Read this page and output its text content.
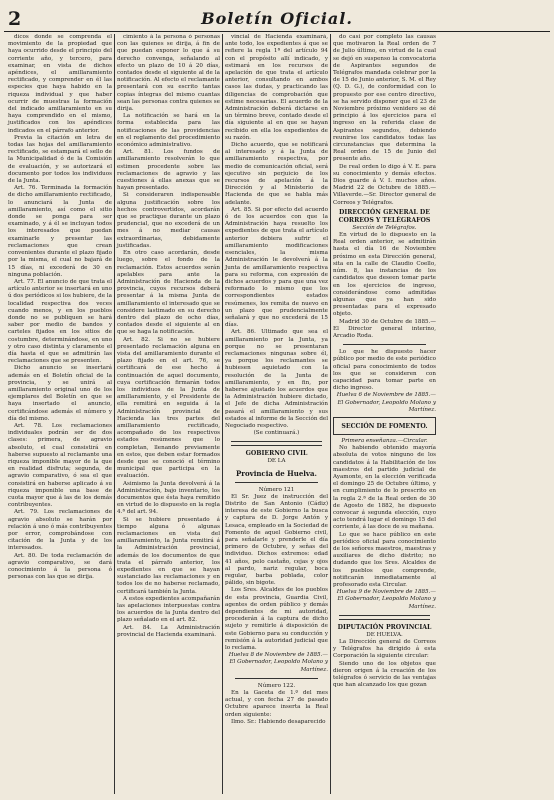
2	Boletín Oficial.

dicos donde se comprenda el movimiento de la propiedad que haya ocurrido desde el principio del corriente año, y tercero, para examinar, en vista de dichos apéndices, el amillaramiento rectificado, y comprender en él las especies que haya habido en la riqueza individual y que haber ocurrir de muestras la formación del indicado amillaramiento en su haya comprendido en el mismo, justificados con los apéndices indicados en el párrafo anterior.

Previa la citación en letra de todas las hojas del amillaramiento rectificado, se estampará el sello de la Municipalidad ó de la Comisión de evaluación, y se autorizará el documento por todos los individuos de la Junta.

Art. 76. Terminada la formación de dicho amillaramiento rectificado, lo anunciará la Junta de amillaramiento, así como el sitio donde se ponga para ser examinado, y á él se incluyan todos los interesados que puedan examinarle y presentar las reclamaciones que crean convenientes durante el plazo fijado por la misma, el cual no bajará de 15 días, ni excederá de 30 en ninguna población.

Art. 77. El anuncio de que trata el artículo anterior se insertará en uno ú dos periódicos si los hubiere, de la localidad respectiva dos veces cuando menos, y en los pueblos donde no se publiquen se hará saber por medio de bandos y carteles fijados en los sitios de costumbre, determinándose, en uno y otro caso distinta y claramente el día hasta el que se admitirán las reclamaciones que se presenten.

Dicho anuncio se insertará además en el Boletín oficial de la provincia, y se unirá al amillaramiento original uno de los ejemplares del Boletín en que se haya insertado el anuncio, certificándose además el número y día del mismo.

Art. 78. Los reclamaciones individuales podrán ser de dos clases: primera, de agravio absoluto, el cual consistirá en haberse supuesto al reclamante una riqueza imponible mayor de la que en realidad disfruta; segunda, de agravio comparativo, ó sea el que consistirá en haberse aplicado á su riqueza imponible una base de cuota mayor que á las de los demás contribuyentes.

Art. 79. Los reclamaciones de agravio absoluto se harán por relación á uno ó más contribuyentes por error, comprobándose con citación de la Junta y de los interesados.

Art. 80. De toda reclamación de agravio comparativo, se dará conocimiento á la persona ó personas con las que se dirija.

cimiento á la persona ó personas con las quienes se dirija, á fin de que puedan exponer lo que á su derecho convenga, señalando al efecto un plazo de 10 á 20 días, contados desde el siguiente al de la notificación. Al efecto el reclamante presentará con su escrito tantas copias íntegras del mismo cuantas sean las personas contra quienes se dirija.

La notificación se hará en la forma establecida para las notificaciones de las providencias en el reglamento del procedimiento económico administrativo.

Art. 81. Los fundos de amillaramiento resolverán lo que estimen procedente sobre las reclamaciones de agravio y las cuestiones á ellas anexas que se hayan presentado.

Si consideraren indispensable alguna justificación sobre los hechos controvertidos, acordarán que se practique durante un plazo prudencial, que no excederá de un mes á no mediar causas extraordinarias, debidamente justificadas.

En otro caso acordarán, desde luego, sobre el fondo de la reclamación. Estos acuerdos serán apelables para ante la Administración de Hacienda de la provincia, cuyos recursos deberá presentar á la misma Junta de amillaramiento el interesado que se considere lastimado en su derecho dentro del plazo de ocho días, contados desde el siguiente al en que se haga la notificación.

Art. 82. Si no se hubiere presentado reclamación alguna en vista del amillaramiento durante el plazo fijado en el art. 76, se certificará de ese hecho á continuación de aquel documento, cuya certificación firmarán todos los individuos de la Junta de amillaramiento, y el Presidente de ella remitirá en seguida á la Administración provincial de Hacienda las tres partes del amillaramiento rectificado, acompañado de los respectivos estados resúmenes que lo completan, llenando previamente en estos, que deben estar formados desde que se conoció el término municipal que participa en la evaluación.

Asimismo la Junta devolverá á la Administración, bajo inventario, los documentos que ésta haya remitido en virtud de lo dispuesto en la regla 4.ª del art. 94.

Si se hubiere presentado á tiempo alguna ó algunas reclamaciones en vista del amillaramiento, la Junta remitirá á la Administración provincial, además de los documentos de que trata el párrafo anterior, los expedientes en que se hayan sustanciado las reclamaciones y en todos los de no haberse reclamado, certificará también la Junta.

A estos expedientes acompañarán las apelaciones interpuestas contra los acuerdos de la Junta dentro del plazo señalado en el art. 82.

Art. 84. La Administración provincial de Hacienda examinará.

vincial de Hacienda examinará, ante todo, los expedientes á que se refiere la regla 1ª del artículo 94 con el propósito allí indicado, y estimará en los recursos de apelación de que trata el artículo anterior, consultando en ambos casos las dudas, y practicando las diligencias de comprobación que estime necesarias. El acuerdo de la Administración deberá dictarse en un término breve, contado desde el día siguiente al en que se hayan recibido en ella los expedientes de su razón.

Dicho acuerdo, que se notificará al interesado y á la Junta de amillaramiento respectiva, por medio de comunicación oficial, será ejecutivo sin perjuicio de los recursos de apelación á la Dirección y al Ministerio de Hacienda de que se habla más adelante.

Art. 85. Si por efecto del acuerdo ó de los acuerdos con que la Administración haya resuelto los expedientes de que trata el artículo anterior debiera sufrir el amillaramiento modificaciones esenciales, la misma Administración le devolverá á la Junta de amillaramiento respectiva para su reforma, con expresión de dichos acuerdos y para que una vez reformado lo mismo que los correspondientes estados resúmenes, los remita de nuevo en un plazo que prudencialmente señalará y que no excederá de 15 días.

Art. 86. Ultimado que sea el amillaramiento por la Junta, ya porque no se presentaran reclamaciones ningunas sobre él, ya porque los reclamantes se hubiesen aquietado con la resolución de la Junta de amillaramiento, y en fin, por haberse ajustado los acuerdos que la Administración hubiere dictado, el Jefe de dicha Administración pasará el amillaramiento y sus estados al informe de la Sección del Negociado respectivo.

(Se continuará.)

GOBIERNO CIVIL

DE LA

Provincia de Huelva.

Número 121

El Sr. Juez de instrucción del Distrito de San Antonio (Cádiz) interesa de este Gobierno la busca y captura de D. Jorge Antón y Lesaca, empleado en la Sociedad de Fomento de aquel Gobierno civil, para señalarle y prenderle el día primero de Octubre, y señas del individuo. Dichos extremos: edad 41 años, pelo castaño, cejas y ojos al pardo, nariz regular, boca regular, barba poblada, color pálido, sin bigote.

Los Sres. Alcaldes de los pueblos de esta provincia, Guardia Civil, agentes de orden público y demás dependientes de mi autoridad, procederán á la captura de dicho sujeto y remitirle á disposición de este Gobierno para su conducción y remisión á la autoridad judicial que lo reclama.

Huelva 8 de Noviembre de 1885.—El Gobernador, Leopoldo Molano y Martínez.

Número 122.

En la Gaceta de 1.º del mes actual, y con fecha 27 de pasado Octubre aparece inserta la Real orden siguiente:

Ilmo. Sr.: Habiendo desaparecido

do casi por completo las causas que motivaron la Real orden de 7 de Julio último, en virtud de la cual se dejó en suspenso la convocatoria de Aspirantes segundos de Telégrafos mandada celebrar por la de 15 de Junio anterior, S. M. el Rey (Q. D. G.), de conformidad con lo propuesto por ese centro directivo, se ha servido disponer que el 23 de Noviembre próximo venidero se dé principio á los ejercicios para el ingreso en la referida clase de Aspirantes segundos, debiendo reunirse los candidatos todas las circunstancias que determina la Real orden de 15 de Junio del presente año.

De real orden lo digo á V. E. para su conocimiento y demás efectos. Dios guarde á V. I. muchos años. Madrid 22 de Octubre de 1885.—Villaverde.—Sr. Director general de Correos y Telégrafos.

DIRECCIÓN GENERAL DE CORREOS Y TELÉGRAFOS

Sección de Telégrafos.

En virtud de lo dispuesto en la Real orden anterior, se admitirán hasta el día 16 de Noviembre próximo en esta Dirección general, sita en la calle de Claudio Coello, núm. 8, las instancias de los candidatos que deseen tomar parte en los ejercicios de ingreso, considerándose como admitidas algunas que ya han sido presentadas para el expresado objeto.

Madrid 30 de Octubre de 1885.—El Director general interino, Arcadio Roda.

Lo que he dispuesto hacer público por medio de este periódico oficial para conocimiento de todos los que se consideren con capacidad para tomar parte en dicho ingreso.

Huelva 6 de Noviembre de 1885.—El Gobernador, Leopoldo Molano y Martínez.

SECCIÓN DE FOMENTO.

Primera enseñanza.—Circular.

No habiendo obtenido mayoría absoluta de votos ninguno de los candidatos á la Habilitación de los maestros del partido judicial de Ayamonte, en la elección verificada el domingo 25 de Octubre último, y en cumplimiento de lo prescrito en la regla 2.ª de la Real orden de 30 de Agosto de 1882, he dispuesto convocar á segunda elección, cuyo acto tendrá lugar el domingo 15 del corriente, á las doce de su mañana.

Lo que se hace público en este periódico oficial para conocimiento de los señores maestros, maestras y auxiliares de dicho distrito; no dudando que los Sres. Alcaldes de los pueblos que comprende, notificarán inmediatamente al profesorado esta Circular.

Huelva 9 de Noviembre de 1885.—El Gobernador, Leopoldo Molano y Martínez.

DIPUTACIÓN PROVINCIAL

DE HUELVA.

La Dirección general de Correos y Telégrafos ha dirigido á esta Corporación la siguiente circular:

Siendo uno de los objetos que dieron origen á la creación de los telégrafos ó servicio de las ventajas que han alcanzado los que gozan
